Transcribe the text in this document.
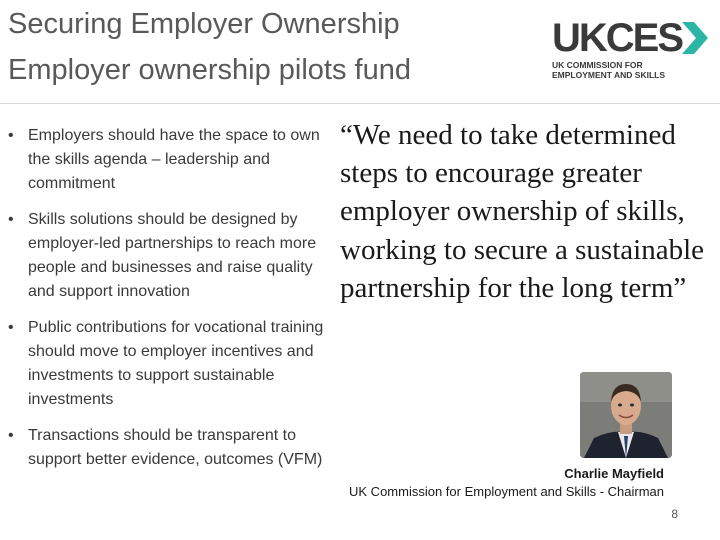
Securing Employer Ownership
Employer ownership pilots fund
UKCES
UK COMMISSION FOR
EMPLOYMENT AND SKILLS
• Employers should have the space to own the skills agenda – leadership and commitment
• Skills solutions should be designed by employer-led partnerships to reach more people and businesses and raise quality and support innovation
• Public contributions for vocational training should move to employer incentives and investments to support sustainable investments
• Transactions should be transparent to support better evidence, outcomes (VFM)
“We need to take determined steps to encourage greater employer ownership of skills, working to secure a sustainable partnership for the long term”
Charlie Mayfield
UK Commission for Employment and Skills - Chairman
8
